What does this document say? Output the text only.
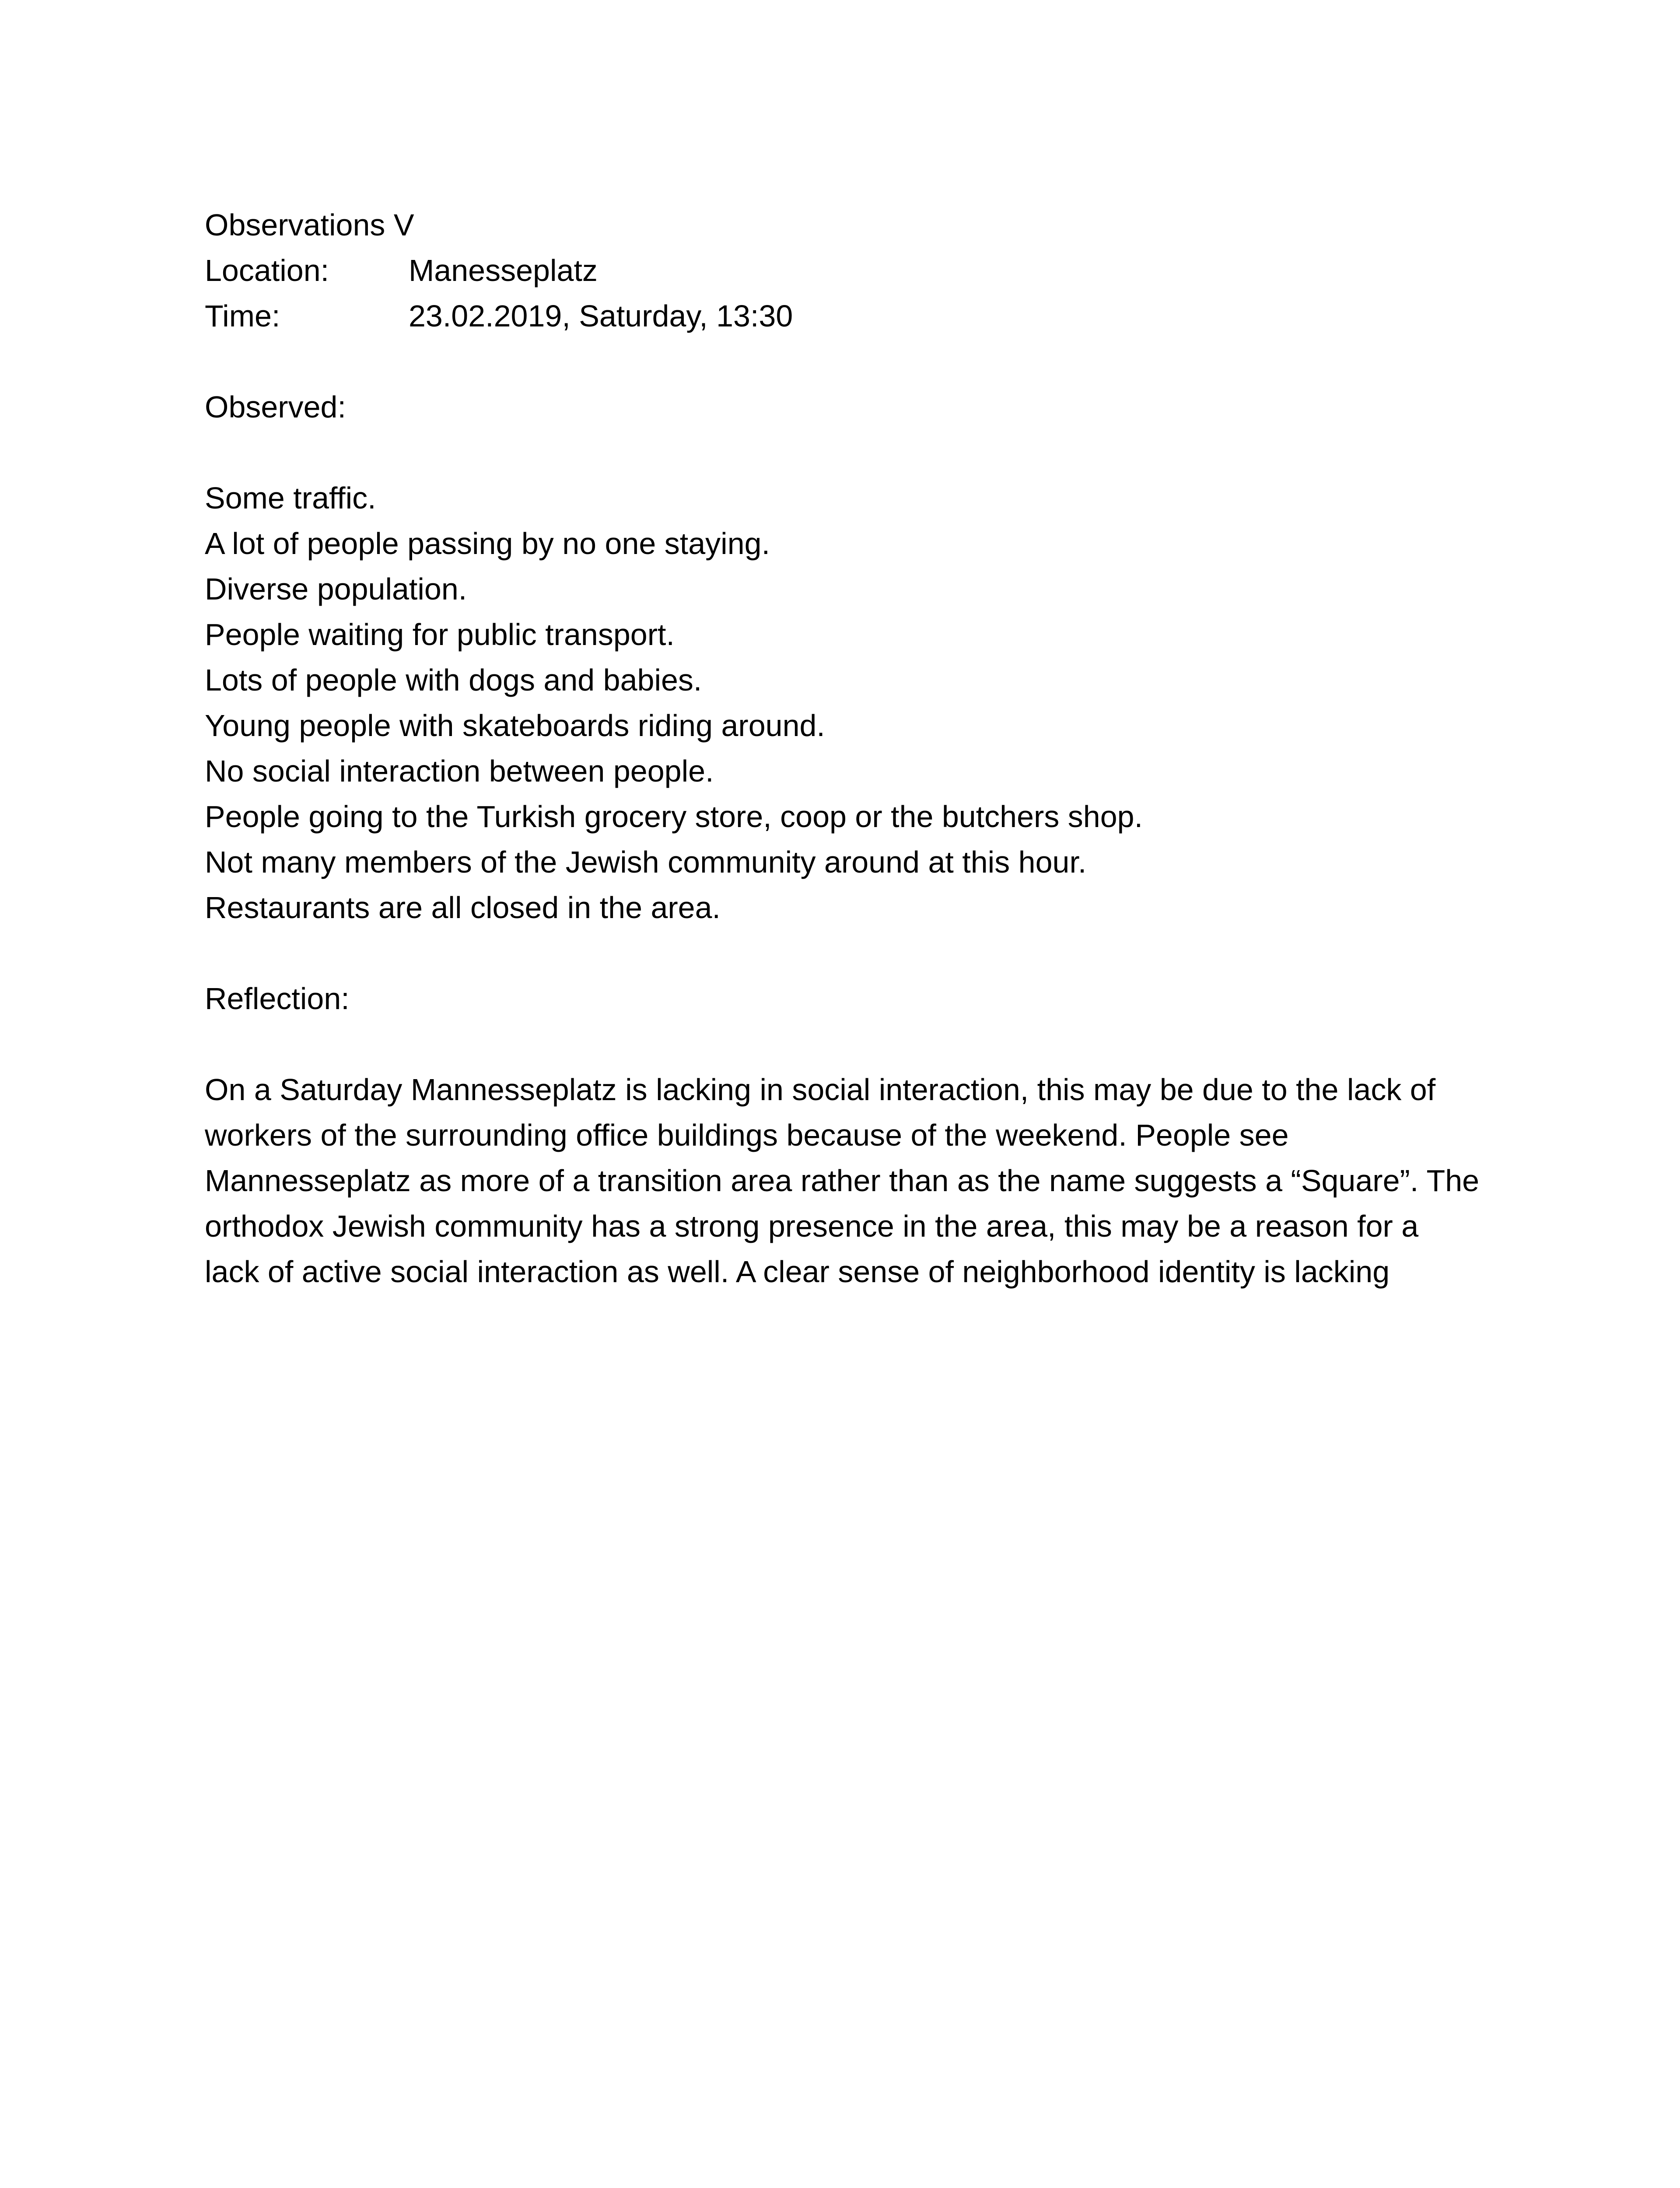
Observations V
Location:	Manesseplatz
Time:	23.02.2019, Saturday, 13:30
Observed:
Some traffic.
A lot of people passing by no one staying.
Diverse population.
People waiting for public transport.
Lots of people with dogs and babies.
Young people with skateboards riding around.
No social interaction between people.
People going to the Turkish grocery store, coop or the butchers shop.
Not many members of the Jewish community around at this hour.
Restaurants are all closed in the area.
Reflection:
On a Saturday Mannesseplatz is lacking in social interaction, this may be due to the lack of
workers of the surrounding office buildings because of the weekend. People see
Mannesseplatz as more of a transition area rather than as the name suggests a “Square”. The
orthodox Jewish community has a strong presence in the area, this may be a reason for a
lack of active social interaction as well. A clear sense of neighborhood identity is lacking
